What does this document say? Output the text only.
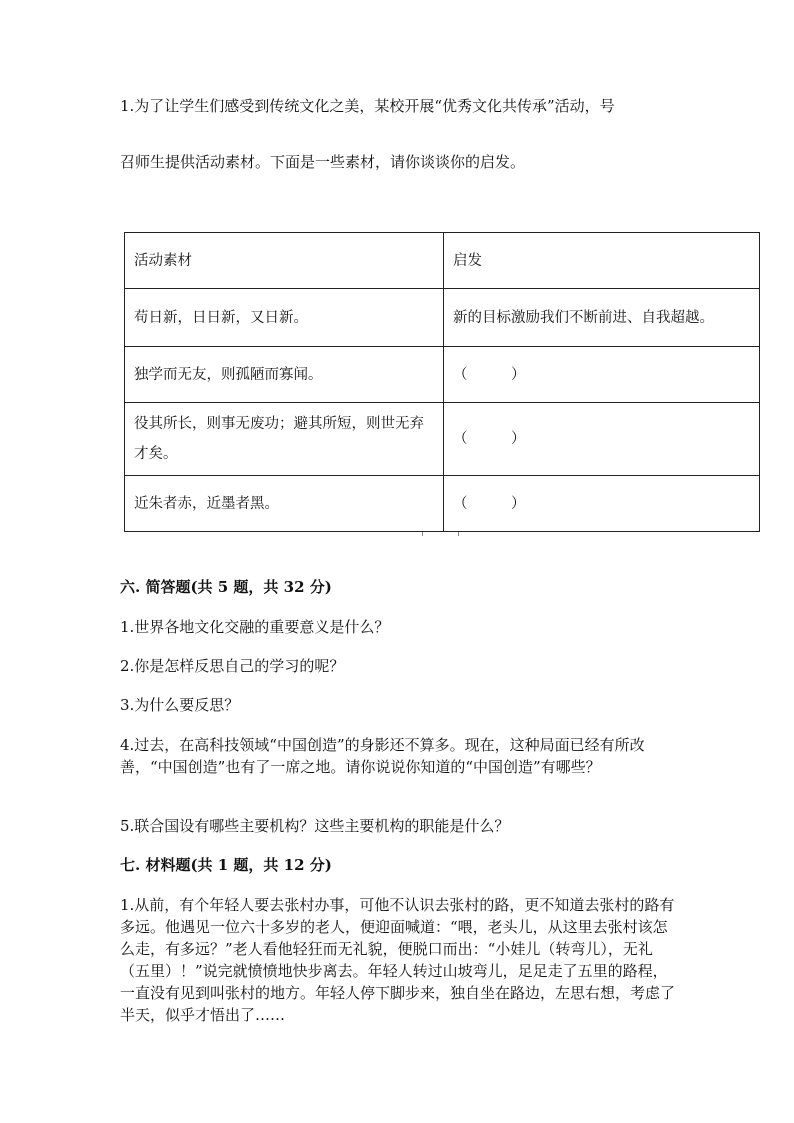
1.为了让学生们感受到传统文化之美，某校开展“优秀文化共传承”活动，号
召师生提供活动素材。下面是一些素材，请你谈谈你的启发。
活动素材	启发
苟日新，日日新，又日新。	新的目标激励我们不断前进、自我超越。
独学而无友，则孤陋而寡闻。	（　　　）
役其所长，则事无废功；避其所短，则世无弃才矣。	（　　　）
近朱者赤，近墨者黑。	（　　　）
六. 简答题(共 5 题，共 32 分)
1.世界各地文化交融的重要意义是什么？
2.你是怎样反思自己的学习的呢？
3.为什么要反思？
4.过去，在高科技领域“中国创造”的身影还不算多。现在，这种局面已经有所改善，“中国创造”也有了一席之地。请你说说你知道的“中国创造”有哪些？
5.联合国设有哪些主要机构？这些主要机构的职能是什么？
七. 材料题(共 1 题，共 12 分)
1.从前，有个年轻人要去张村办事，可他不认识去张村的路，更不知道去张村的路有多远。他遇见一位六十多岁的老人，便迎面喊道：“喂，老头儿，从这里去张村该怎么走，有多远？”老人看他轻狂而无礼貌，便脱口而出：“小娃儿（转弯儿），无礼（五里）！”说完就愤愤地快步离去。年轻人转过山坡弯儿，足足走了五里的路程，一直没有见到叫张村的地方。年轻人停下脚步来，独自坐在路边，左思右想，考虑了半天，似乎才悟出了……
